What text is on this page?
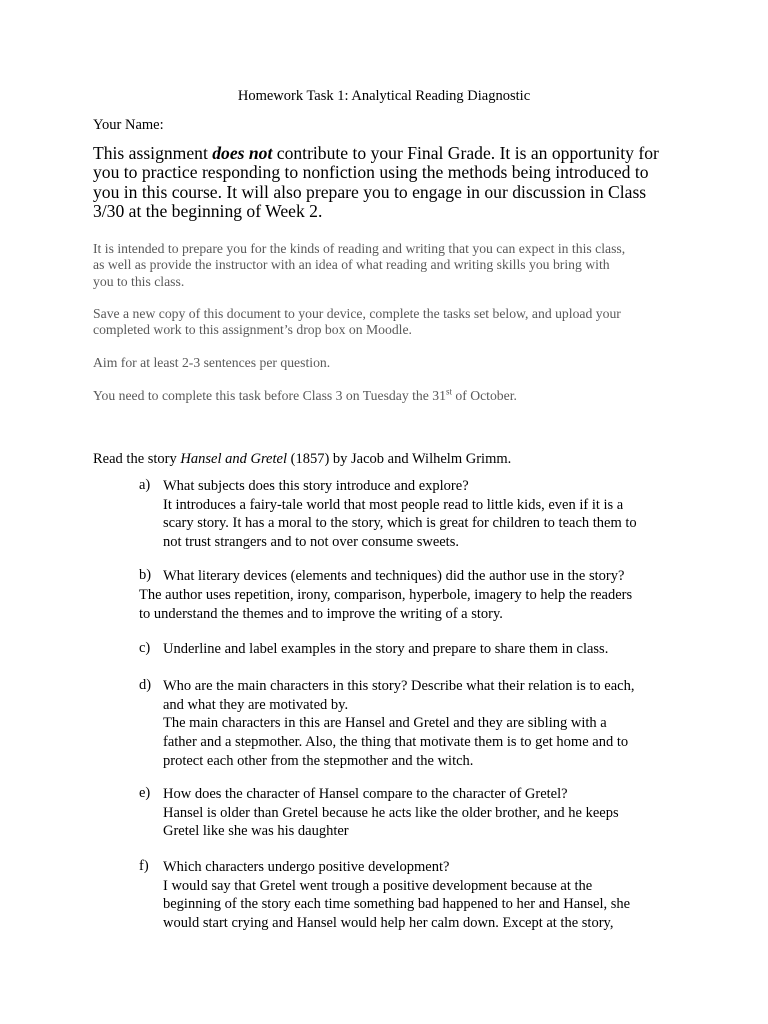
Homework Task 1: Analytical Reading Diagnostic
Your Name:
This assignment does not contribute to your Final Grade. It is an opportunity for
you to practice responding to nonfiction using the methods being introduced to
you in this course. It will also prepare you to engage in our discussion in Class
3/30 at the beginning of Week 2.
It is intended to prepare you for the kinds of reading and writing that you can expect in this class,
as well as provide the instructor with an idea of what reading and writing skills you bring with
you to this class.
Save a new copy of this document to your device, complete the tasks set below, and upload your
completed work to this assignment’s drop box on Moodle.
Aim for at least 2-3 sentences per question.
You need to complete this task before Class 3 on Tuesday the 31st of October.
Read the story Hansel and Gretel (1857) by Jacob and Wilhelm Grimm.
a) What subjects does this story introduce and explore?
It introduces a fairy-tale world that most people read to little kids, even if it is a
scary story. It has a moral to the story, which is great for children to teach them to
not trust strangers and to not over consume sweets.
b) What literary devices (elements and techniques) did the author use in the story?
The author uses repetition, irony, comparison, hyperbole, imagery to help the readers
to understand the themes and to improve the writing of a story.
c) Underline and label examples in the story and prepare to share them in class.
d) Who are the main characters in this story? Describe what their relation is to each,
and what they are motivated by.
The main characters in this are Hansel and Gretel and they are sibling with a
father and a stepmother. Also, the thing that motivate them is to get home and to
protect each other from the stepmother and the witch.
e) How does the character of Hansel compare to the character of Gretel?
Hansel is older than Gretel because he acts like the older brother, and he keeps
Gretel like she was his daughter
f) Which characters undergo positive development?
I would say that Gretel went trough a positive development because at the
beginning of the story each time something bad happened to her and Hansel, she
would start crying and Hansel would help her calm down. Except at the story,
